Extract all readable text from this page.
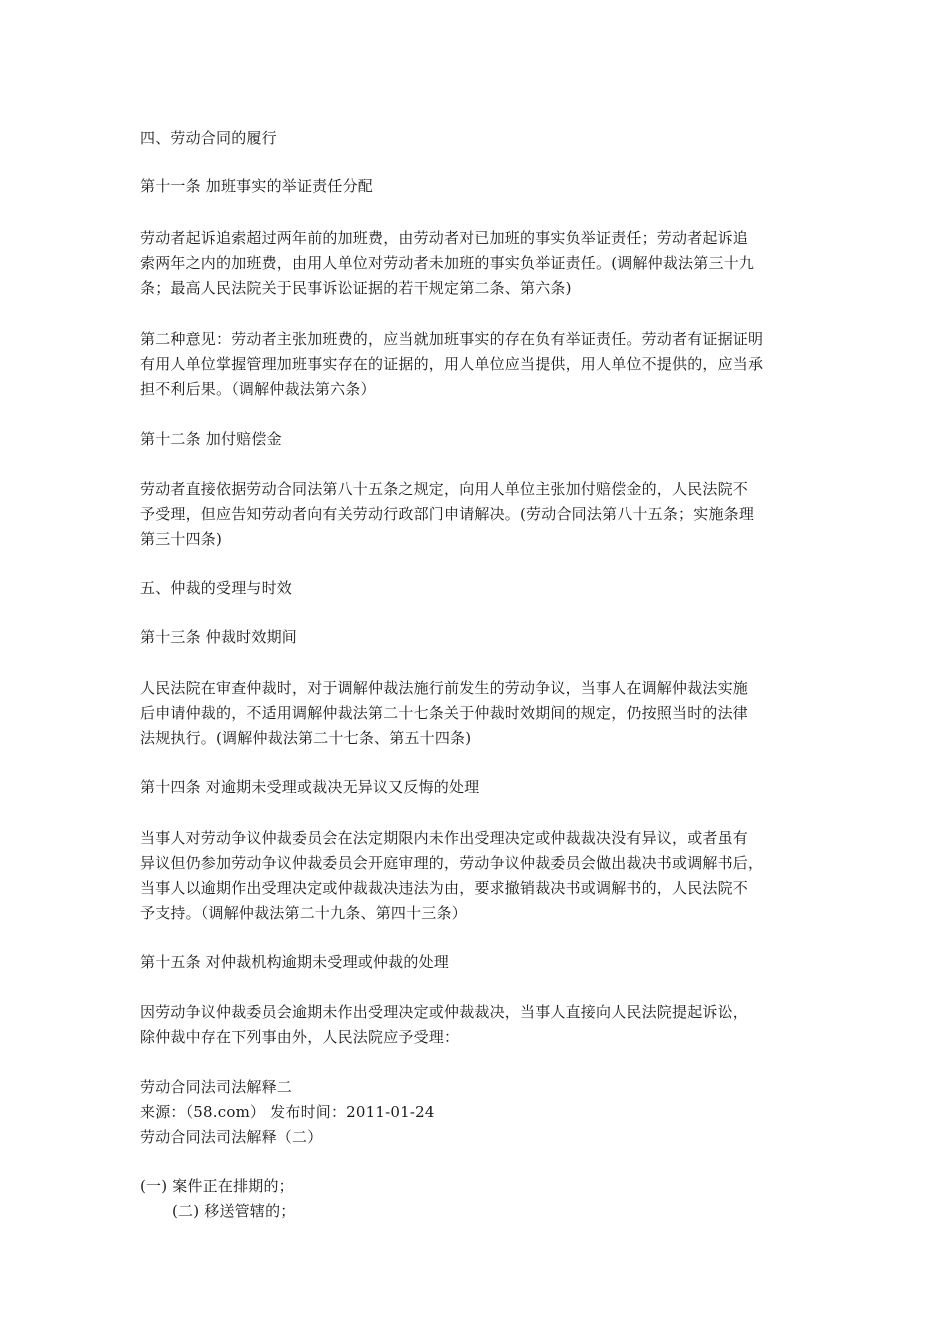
四、劳动合同的履行
第十一条 加班事实的举证责任分配
劳动者起诉追索超过两年前的加班费，由劳动者对已加班的事实负举证责任；劳动者起诉追
索两年之内的加班费，由用人单位对劳动者未加班的事实负举证责任。(调解仲裁法第三十九
条；最高人民法院关于民事诉讼证据的若干规定第二条、第六条)
第二种意见：劳动者主张加班费的，应当就加班事实的存在负有举证责任。劳动者有证据证明
有用人单位掌握管理加班事实存在的证据的，用人单位应当提供，用人单位不提供的，应当承
担不利后果。（调解仲裁法第六条）
第十二条 加付赔偿金
劳动者直接依据劳动合同法第八十五条之规定，向用人单位主张加付赔偿金的，人民法院不
予受理，但应告知劳动者向有关劳动行政部门申请解决。(劳动合同法第八十五条；实施条理
第三十四条)
五、仲裁的受理与时效
第十三条 仲裁时效期间
人民法院在审查仲裁时，对于调解仲裁法施行前发生的劳动争议，当事人在调解仲裁法实施
后申请仲裁的，不适用调解仲裁法第二十七条关于仲裁时效期间的规定，仍按照当时的法律
法规执行。(调解仲裁法第二十七条、第五十四条)
第十四条 对逾期未受理或裁决无异议又反悔的处理
当事人对劳动争议仲裁委员会在法定期限内未作出受理决定或仲裁裁决没有异议，或者虽有
异议但仍参加劳动争议仲裁委员会开庭审理的，劳动争议仲裁委员会做出裁决书或调解书后，
当事人以逾期作出受理决定或仲裁裁决违法为由，要求撤销裁决书或调解书的，人民法院不
予支持。（调解仲裁法第二十九条、第四十三条）
第十五条 对仲裁机构逾期未受理或仲裁的处理
因劳动争议仲裁委员会逾期未作出受理决定或仲裁裁决，当事人直接向人民法院提起诉讼，
除仲裁中存在下列事由外，人民法院应予受理：
劳动合同法司法解释二
来源：（58.com） 发布时间：2011-01-24
劳动合同法司法解释（二）
(一) 案件正在排期的；
(二) 移送管辖的；
